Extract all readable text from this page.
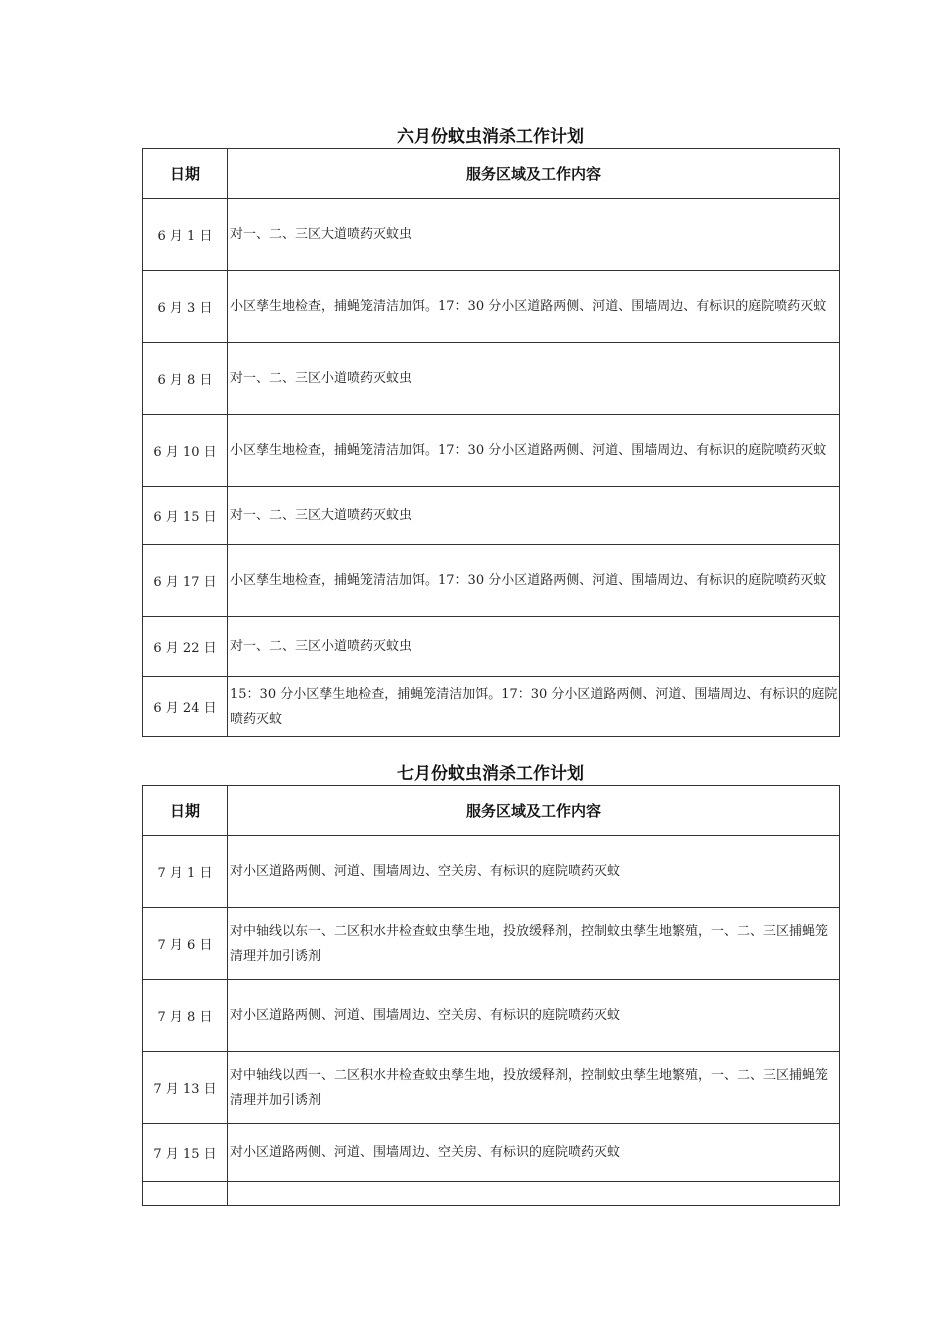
六月份蚊虫消杀工作计划
日期	服务区域及工作内容
6 月 1 日	对一、二、三区大道喷药灭蚊虫
6 月 3 日	小区孳生地检查，捕蝇笼清洁加饵。17：30 分小区道路两侧、河道、围墙周边、有标识的庭院喷药灭蚊
6 月 8 日	对一、二、三区小道喷药灭蚊虫
6 月 10 日	小区孳生地检查，捕蝇笼清洁加饵。17：30 分小区道路两侧、河道、围墙周边、有标识的庭院喷药灭蚊
6 月 15 日	对一、二、三区大道喷药灭蚊虫
6 月 17 日	小区孳生地检查，捕蝇笼清洁加饵。17：30 分小区道路两侧、河道、围墙周边、有标识的庭院喷药灭蚊
6 月 22 日	对一、二、三区小道喷药灭蚊虫
6 月 24 日	15：30 分小区孳生地检查，捕蝇笼清洁加饵。17：30 分小区道路两侧、河道、围墙周边、有标识的庭院喷药灭蚊
七月份蚊虫消杀工作计划
日期	服务区域及工作内容
7 月 1 日	对小区道路两侧、河道、围墙周边、空关房、有标识的庭院喷药灭蚊
7 月 6 日	对中轴线以东一、二区积水井检查蚊虫孳生地，投放缓释剂，控制蚊虫孳生地繁殖，一、二、三区捕蝇笼清理并加引诱剂
7 月 8 日	对小区道路两侧、河道、围墙周边、空关房、有标识的庭院喷药灭蚊
7 月 13 日	对中轴线以西一、二区积水井检查蚊虫孳生地，投放缓释剂，控制蚊虫孳生地繁殖，一、二、三区捕蝇笼清理并加引诱剂
7 月 15 日	对小区道路两侧、河道、围墙周边、空关房、有标识的庭院喷药灭蚊
